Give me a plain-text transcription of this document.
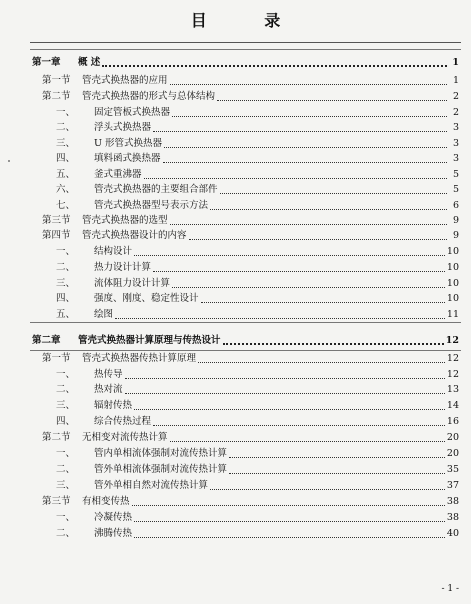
目 录
第一章	概 述	1
第一节	管壳式换热器的应用	1
第二节	管壳式换热器的形式与总体结构	2
一、	固定管板式换热器	2
二、	浮头式换热器	3
三、	U 形管式换热器	3
四、	填料函式换热器	3
五、	釜式重沸器	5
六、	管壳式换热器的主要组合部件	5
七、	管壳式换热器型号表示方法	6
第三节	管壳式换热器的选型	9
第四节	管壳式换热器设计的内容	9
一、	结构设计	10
二、	热力设计计算	10
三、	流体阻力设计计算	10
四、	强度、刚度、稳定性设计	10
五、	绘图	11
第二章	管壳式换热器计算原理与传热设计	12
第一节	管壳式换热器传热计算原理	12
一、	热传导	12
二、	热对流	13
三、	辐射传热	14
四、	综合传热过程	16
第二节	无相变对流传热计算	20
一、	管内单相流体强制对流传热计算	20
二、	管外单相流体强制对流传热计算	35
三、	管外单相自然对流传热计算	37
第三节	有相变传热	38
一、	冷凝传热	38
二、	沸腾传热	40
- 1 -
